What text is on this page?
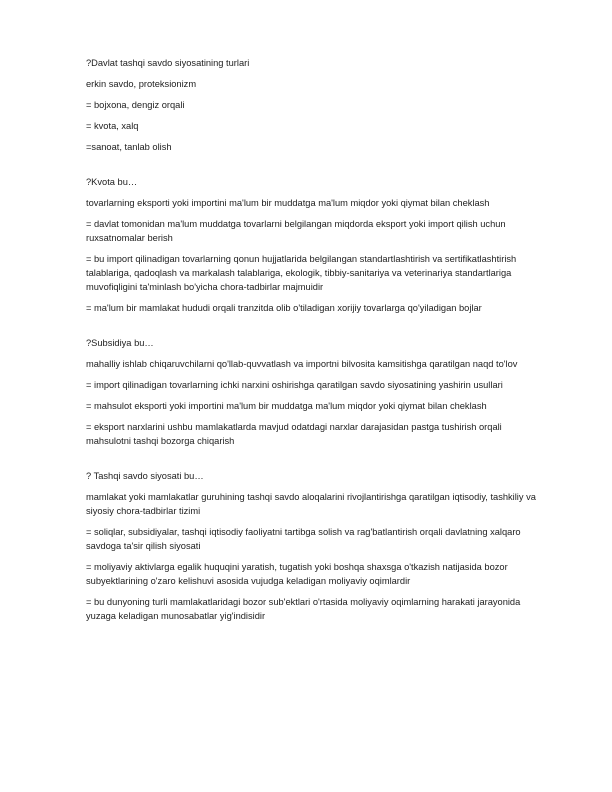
?Davlat tashqi savdo siyosatining turlari

erkin savdo, proteksionizm

= bojxona, dengiz orqali

= kvota, xalq

=sanoat, tanlab olish

?Kvota bu…

tovarlarning eksporti yoki importini ma'lum bir muddatga ma'lum miqdor yoki qiymat bilan cheklash

= davlat tomonidan ma'lum muddatga tovarlarni belgilangan miqdorda eksport yoki import qilish uchun ruxsatnomalar berish

= bu import qilinadigan tovarlarning qonun hujjatlarida belgilangan standartlashtirish va sertifikatlashtirish talablariga, qadoqlash va markalash talablariga, ekologik, tibbiy-sanitariya va veterinariya standartlariga muvofiqligini ta'minlash bo'yicha chora-tadbirlar majmuidir

= ma'lum bir mamlakat hududi orqali tranzitda olib o'tiladigan xorijiy tovarlarga qo'yiladigan bojlar

?Subsidiya bu…

mahalliy ishlab chiqaruvchilarni qo'llab-quvvatlash va importni bilvosita kamsitishga qaratilgan naqd to'lov

= import qilinadigan tovarlarning ichki narxini oshirishga qaratilgan savdo siyosatining yashirin usullari

= mahsulot eksporti yoki importini ma'lum bir muddatga ma'lum miqdor yoki qiymat bilan cheklash

= eksport narxlarini ushbu mamlakatlarda mavjud odatdagi narxlar darajasidan pastga tushirish orqali mahsulotni tashqi bozorga chiqarish

? Tashqi savdo siyosati bu…

mamlakat yoki mamlakatlar guruhining tashqi savdo aloqalarini rivojlantirishga qaratilgan iqtisodiy, tashkiliy va siyosiy chora-tadbirlar tizimi

= soliqlar, subsidiyalar, tashqi iqtisodiy faoliyatni tartibga solish va rag'batlantirish orqali davlatning xalqaro savdoga ta'sir qilish siyosati

= moliyaviy aktivlarga egalik huquqini yaratish, tugatish yoki boshqa shaxsga o'tkazish natijasida bozor subyektlarining o'zaro kelishuvi asosida vujudga keladigan moliyaviy oqimlardir

= bu dunyoning turli mamlakatlaridagi bozor sub'ektlari o'rtasida moliyaviy oqimlarning harakati jarayonida yuzaga keladigan munosabatlar yig'indisidir
